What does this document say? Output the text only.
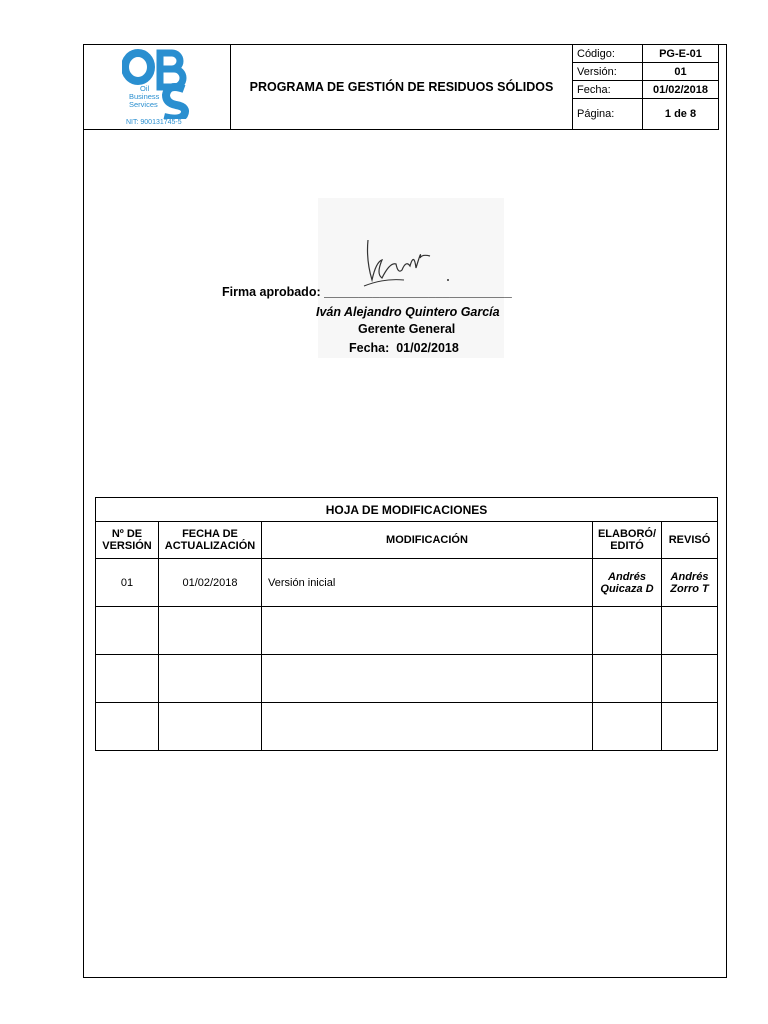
Oil
Business
Services
NIT: 900131745-5
PROGRAMA DE GESTIÓN DE RESIDUOS SÓLIDOS
Código:	PG-E-01
Versión:	01
Fecha:	01/02/2018
Página:	1 de 8
Firma aprobado: ___________________________
Iván Alejandro Quintero García
Gerente General
Fecha:  01/02/2018
HOJA DE MODIFICACIONES				
Nº DE VERSIÓN	FECHA DE ACTUALIZACIÓN	MODIFICACIÓN	ELABORÓ/ EDITÓ	REVISÓ
01	01/02/2018	Versión inicial	Andrés Quicaza D	Andrés Zorro T
